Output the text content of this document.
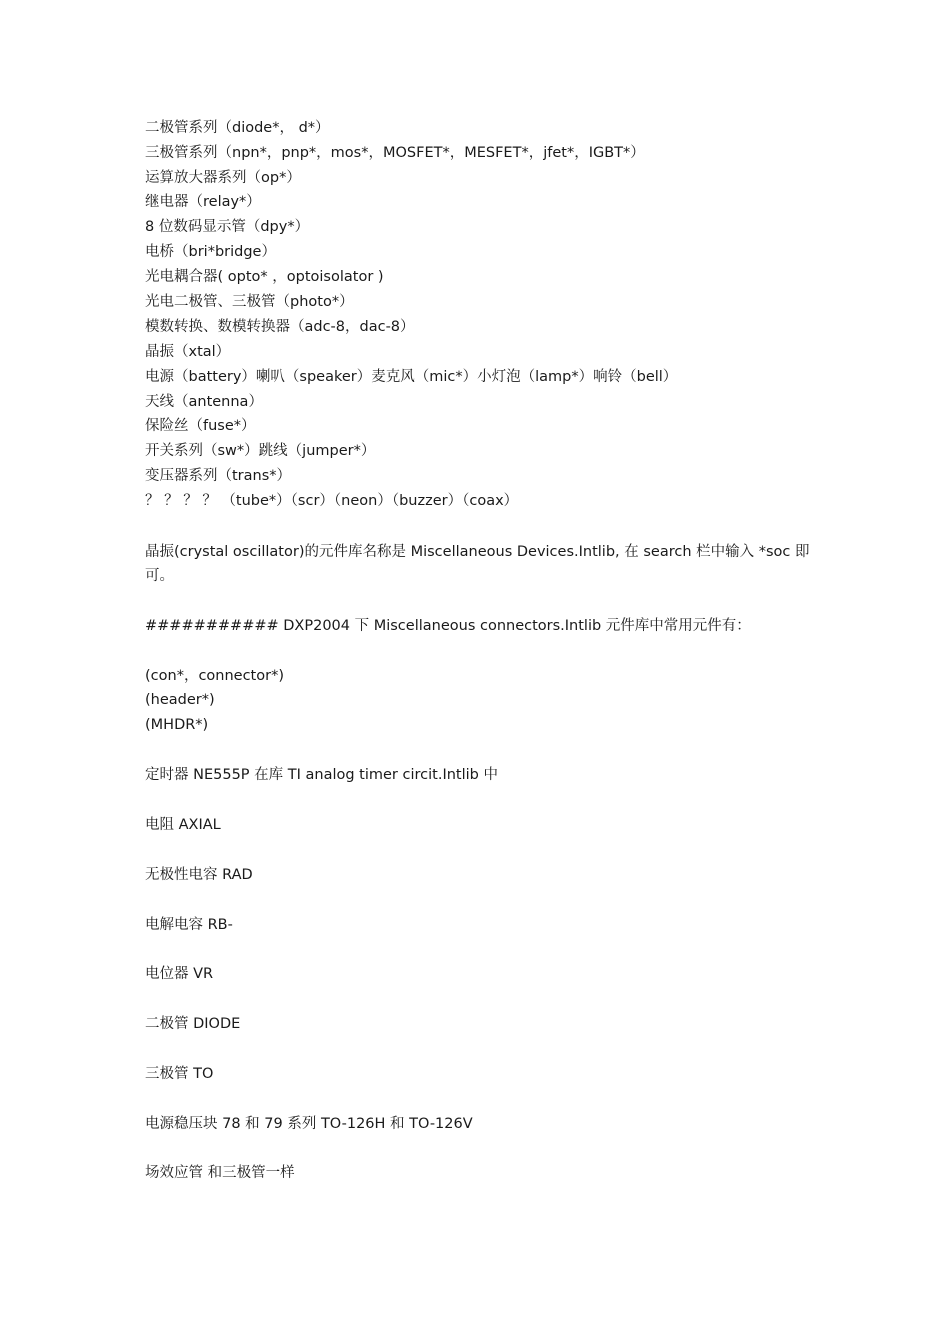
二极管系列（diode*， d*）
三极管系列（npn*，pnp*，mos*，MOSFET*，MESFET*，jfet*，IGBT*）
运算放大器系列（op*）
继电器（relay*）
8 位数码显示管（dpy*）
电桥（bri*bridge）
光电耦合器( opto* ，optoisolator )
光电二极管、三极管（photo*）
模数转换、数模转换器（adc-8，dac-8）
晶振（xtal）
电源（battery）喇叭（speaker）麦克风（mic*）小灯泡（lamp*）响铃（bell）
天线（antenna）
保险丝（fuse*）
开关系列（sw*）跳线（jumper*）
变压器系列（trans*）
？ ？ ？ ？ （tube*）（scr）（neon）（buzzer）（coax）
晶振(crystal oscillator)的元件库名称是 Miscellaneous Devices.Intlib, 在 search 栏中输入 *soc 即可。
########### DXP2004 下 Miscellaneous connectors.Intlib 元件库中常用元件有：
(con*，connector*)
(header*)
(MHDR*)
定时器 NE555P 在库 TI analog timer circit.Intlib 中
电阻 AXIAL
无极性电容 RAD
电解电容 RB-
电位器 VR
二极管 DIODE
三极管 TO
电源稳压块 78 和 79 系列 TO-126H 和 TO-126V
场效应管 和三极管一样
